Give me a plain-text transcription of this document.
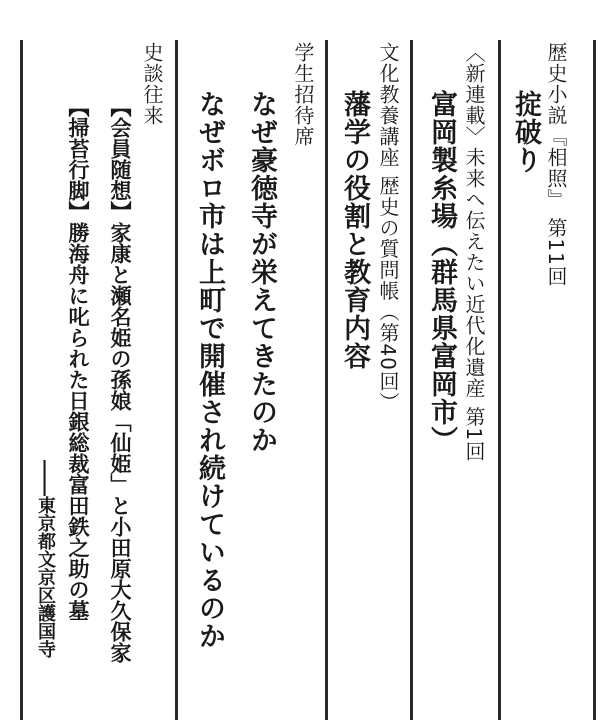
歴史小説『相照』 第11回
掟破り
〈新連載〉未来へ伝えたい近代化遺産 第1回
富岡製糸場（群馬県富岡市）
文化教養講座 歴史の質問帳（第40回）
藩学の役割と教育内容
学生招待席
なぜ豪徳寺が栄えてきたのか
なぜボロ市は上町で開催され続けているのか
史談往来
【会員随想】家康と瀬名姫の孫娘「仙姫」と小田原大久保家
【掃苔行脚】勝海舟に叱られた日銀総裁富田鉄之助の墓
――東京都文京区護国寺
